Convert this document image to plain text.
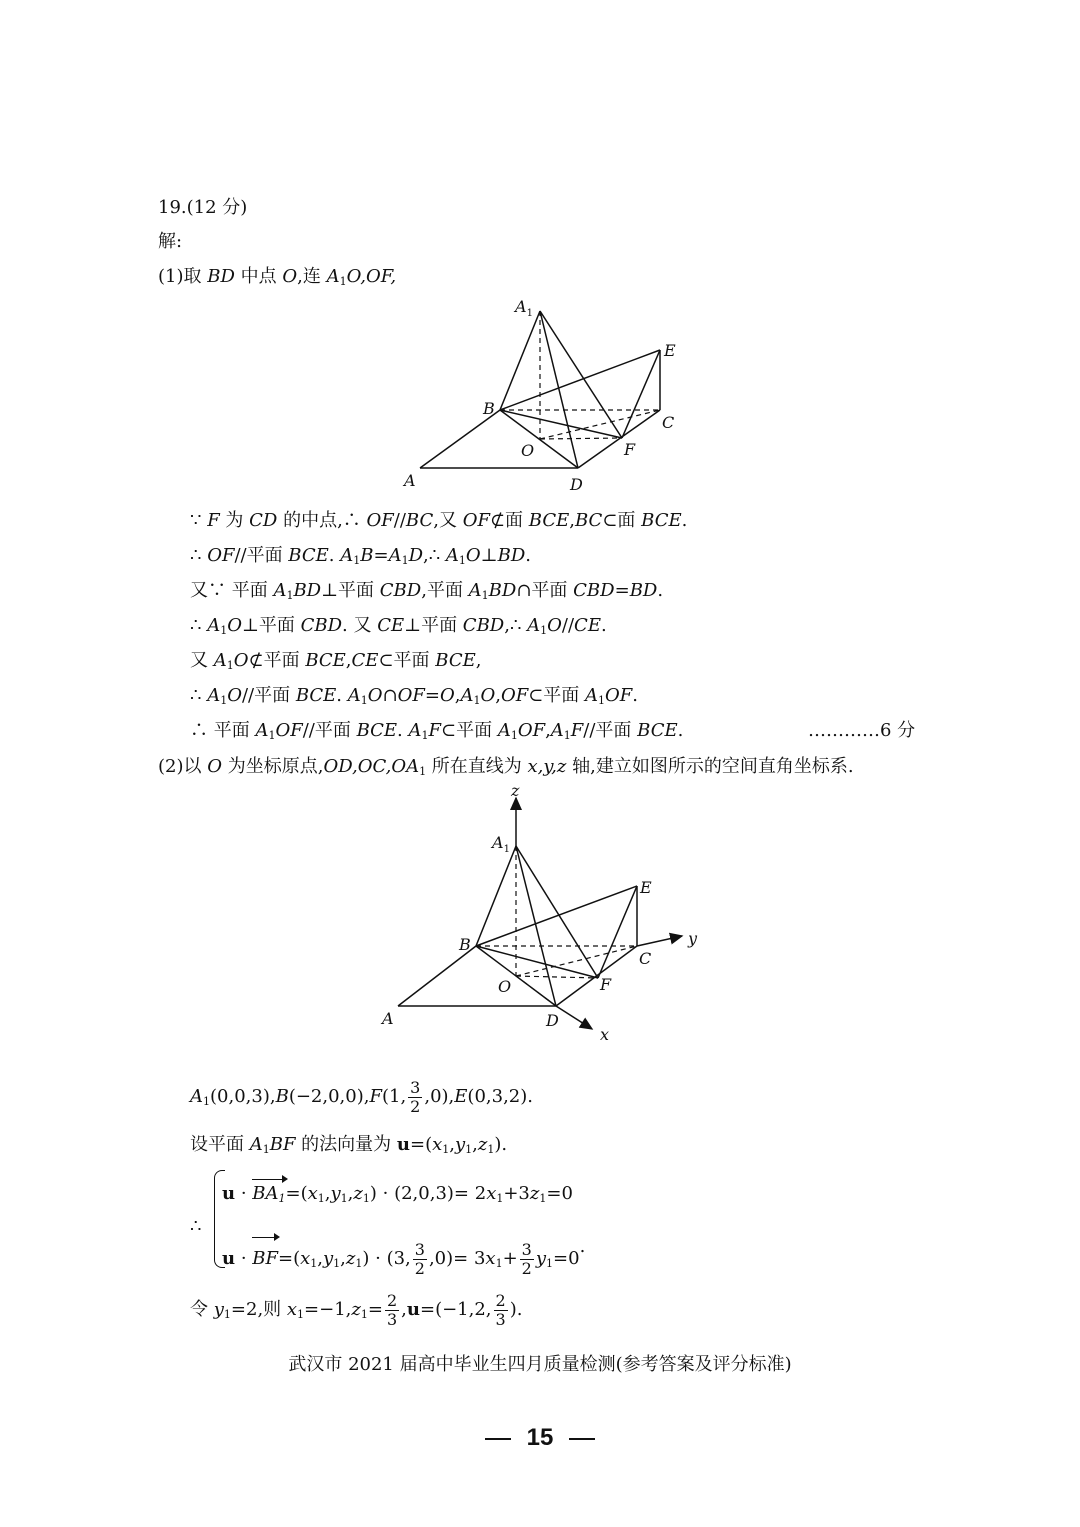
19.(12 分)
解:
(1)取 BD 中点 O,连 $A_1O,OF$,
$A_1$
E
B
C
O	F
A	D
∵ F 为 CD 的中点,∴ OF//BC,又 OF⊄面 BCE,BC⊂面 BCE.
∴ OF//平面 BCE. $A_1B=A_1D,\therefore$ $A_1O\perp BD$.
又∵ 平面 $A_1BD\perp$平面 CBD,平面 $A_1BD\cap$平面 CBD=BD.
∴ $A_1O\perp$平面 CBD. 又 CE⊥平面 CBD,∴ $A_1O//CE$.
又 $A_1O⊄$平面 BCE,CE⊂平面 BCE,
∴ $A_1O//$平面 BCE. $A_1O\cap OF=O,A_1O,OF\subset$平面 $A_1OF$.
∴ 平面 $A_1OF//$平面 BCE. $A_1F\subset$平面 $A_1OF,A_1F//$平面 BCE.	…………6 分
(2)以 O 为坐标原点$,OD,OC,OA_1$ 所在直线为 x,y,z 轴,建立如图所示的空间直角坐标系.
z
$A_1$
E
B	y
C
O	F
A	D
x
$A_1(0,0,3),B(-2,0,0),F(1$, $\frac{3}{2} ,0),E(0,3,2)$.
设平面 $A_1BF$ 的法向量为 $u=(x_1,y_1,z_1)$.
∴
$u \cdot BA_1=(x_1,y_1,z_1) \cdot (2,0,3)= 2x_1+3z_1=0$
$u \cdot BF=(x_1,y_1,z_1) \cdot (3$, $\frac{3}{2} ,0)= 3x_1+ \frac{3}{2} y_1=0$.
令 $y_1=2$,则 $x_1=-1,z_1= \frac{2}{3} ,u=(-1,2$, $\frac{2}{3}$ ).
武汉市 2021 届高中毕业生四月质量检测(参考答案及评分标准)
15
